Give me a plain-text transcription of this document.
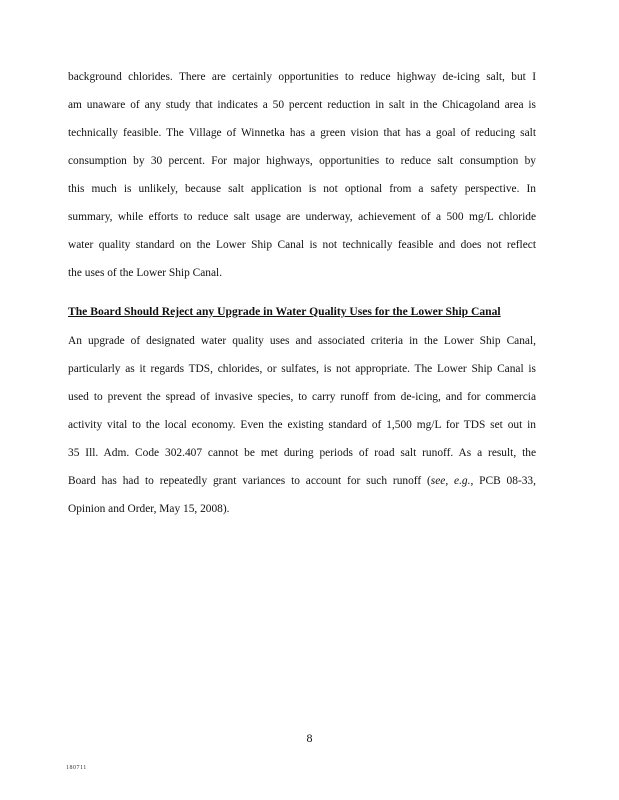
background chlorides. There are certainly opportunities to reduce highway de-icing salt, but I
am unaware of any study that indicates a 50 percent reduction in salt in the Chicagoland area is
technically feasible. The Village of Winnetka has a green vision that has a goal of reducing salt
consumption by 30 percent. For major highways, opportunities to reduce salt consumption by
this much is unlikely, because salt application is not optional from a safety perspective. In
summary, while efforts to reduce salt usage are underway, achievement of a 500 mg/L chloride
water quality standard on the Lower Ship Canal is not technically feasible and does not reflect
the uses of the Lower Ship Canal.
The Board Should Reject any Upgrade in Water Quality Uses for the Lower Ship Canal
An upgrade of designated water quality uses and associated criteria in the Lower Ship Canal,
particularly as it regards TDS, chlorides, or sulfates, is not appropriate. The Lower Ship Canal is
used to prevent the spread of invasive species, to carry runoff from de-icing, and for commercia
activity vital to the local economy. Even the existing standard of 1,500 mg/L for TDS set out in
35 Ill. Adm. Code 302.407 cannot be met during periods of road salt runoff. As a result, the
Board has had to repeatedly grant variances to account for such runoff (see, e.g., PCB 08-33,
Opinion and Order, May 15, 2008).
8
180711
